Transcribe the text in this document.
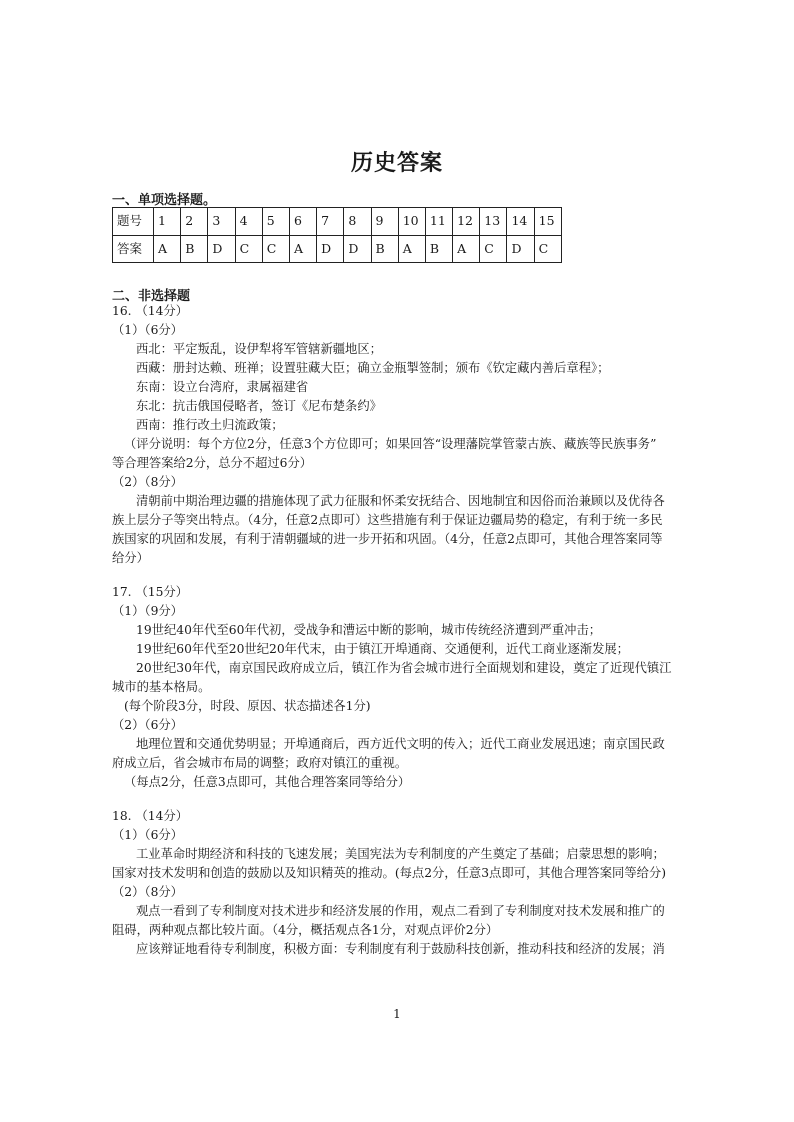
历史答案
一、单项选择题。
题号	1	2	3	4	5	6	7	8	9	10	11	12	13	14	15
答案	A	B	D	C	C	A	D	D	B	A	B	A	C	D	C
二、非选择题
16. （14分）
（1）（6分）
西北：平定叛乱，设伊犁将军管辖新疆地区；
西藏：册封达赖、班禅；设置驻藏大臣；确立金瓶掣签制；颁布《钦定藏内善后章程》；
东南：设立台湾府，隶属福建省
东北：抗击俄国侵略者，签订《尼布楚条约》
西南：推行改土归流政策；
（评分说明：每个方位2分，任意3个方位即可；如果回答“设理藩院掌管蒙古族、藏族等民族事务”
等合理答案给2分，总分不超过6分）
（2）（8分）
清朝前中期治理边疆的措施体现了武力征服和怀柔安抚结合、因地制宜和因俗而治兼顾以及优待各
族上层分子等突出特点。（4分，任意2点即可）这些措施有利于保证边疆局势的稳定，有利于统一多民
族国家的巩固和发展，有利于清朝疆域的进一步开拓和巩固。（4分，任意2点即可，其他合理答案同等
给分）
17. （15分）
（1）（9分）
19世纪40年代至60年代初，受战争和漕运中断的影响，城市传统经济遭到严重冲击；
19世纪60年代至20世纪20年代末，由于镇江开埠通商、交通便利，近代工商业逐渐发展；
20世纪30年代，南京国民政府成立后，镇江作为省会城市进行全面规划和建设，奠定了近现代镇江
城市的基本格局。
(每个阶段3分，时段、原因、状态描述各1分)
（2）（6分）
地理位置和交通优势明显；开埠通商后，西方近代文明的传入；近代工商业发展迅速；南京国民政
府成立后，省会城市布局的调整；政府对镇江的重视。
（每点2分，任意3点即可，其他合理答案同等给分）
18. （14分）
（1）（6分）
工业革命时期经济和科技的飞速发展；美国宪法为专利制度的产生奠定了基础；启蒙思想的影响；
国家对技术发明和创造的鼓励以及知识精英的推动。(每点2分，任意3点即可，其他合理答案同等给分)
（2）（8分）
观点一看到了专利制度对技术进步和经济发展的作用，观点二看到了专利制度对技术发展和推广的
阻碍，两种观点都比较片面。（4分，概括观点各1分，对观点评价2分）
应该辩证地看待专利制度，积极方面：专利制度有利于鼓励科技创新，推动科技和经济的发展；消
1
